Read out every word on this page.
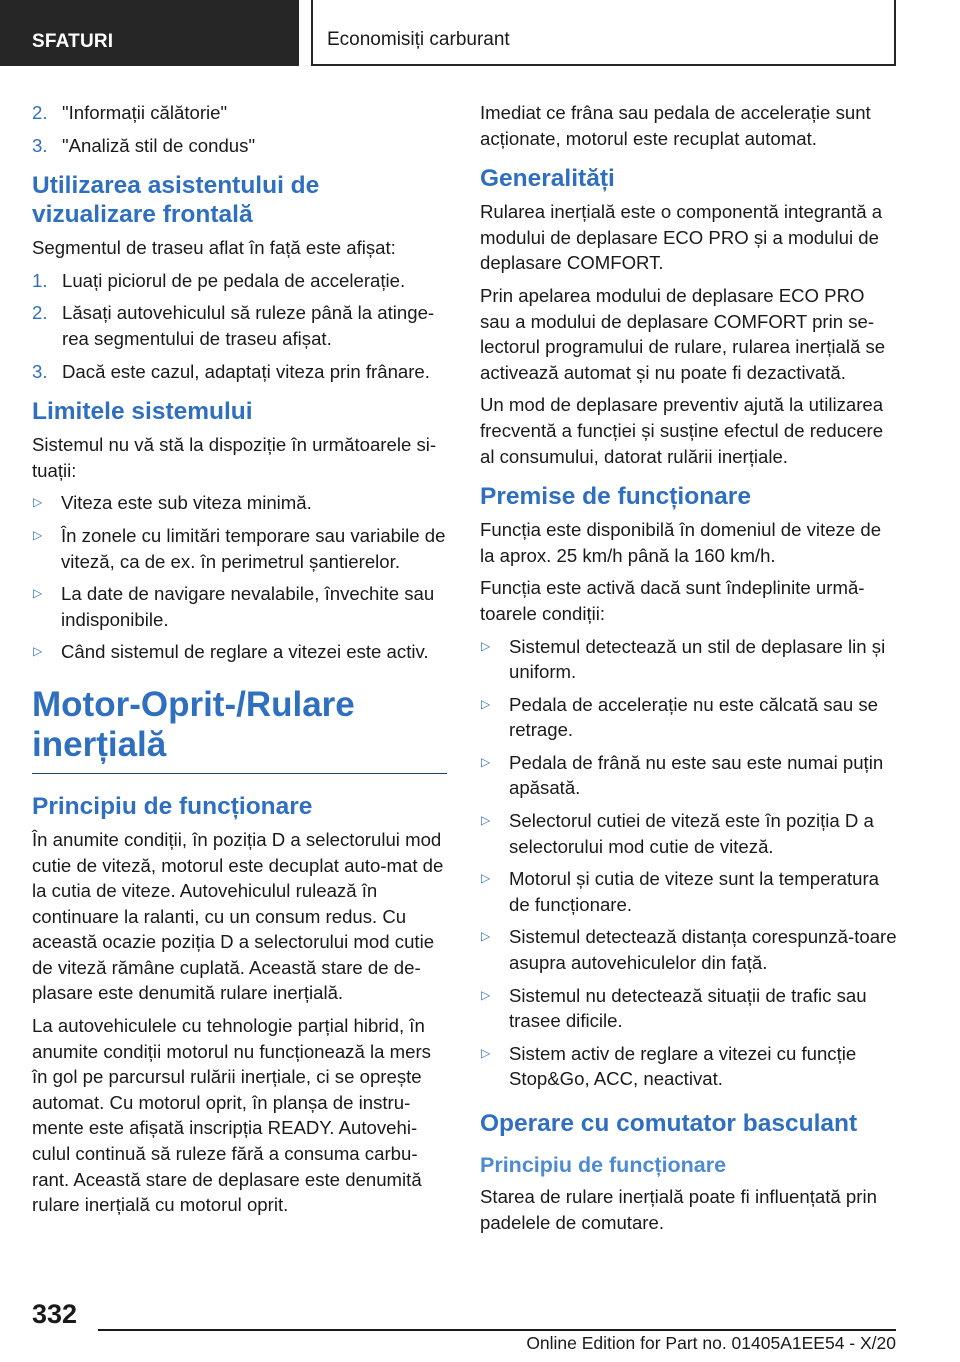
SFATURI	Economisiți carburant
2. "Informații călătorie"
3. "Analiză stil de condus"
Utilizarea asistentului de vizualizare frontală

Segmentul de traseu aflat în față este afișat:

1. Luați piciorul de pe pedala de accelerație.
2. Lăsați autovehiculul să ruleze până la atinge-rea segmentului de traseu afișat.
3. Dacă este cazul, adaptați viteza prin frânare.
Limitele sistemului

Sistemul nu vă stă la dispoziție în următoarele si-tuații:

▷ Viteza este sub viteza minimă.
▷ În zonele cu limitări temporare sau variabile de viteză, ca de ex. în perimetrul șantierelor.
▷ La date de navigare nevalabile, învechite sau indisponibile.
▷ Când sistemul de reglare a vitezei este activ.
Motor-Oprit-/Rulare inerțială
Principiu de funcționare

În anumite condiții, în poziția D a selectorului mod cutie de viteză, motorul este decuplat auto-mat de la cutia de viteze. Autovehiculul rulează în continuare la ralanti, cu un consum redus. Cu această ocazie poziția D a selectorului mod cutie de viteză rămâne cuplată. Această stare de de-plasare este denumită rulare inerțială.

La autovehiculele cu tehnologie parțial hibrid, în anumite condiții motorul nu funcționează la mers în gol pe parcursul rulării inerțiale, ci se oprește automat. Cu motorul oprit, în planșa de instru-mente este afișată inscripția READY. Autovehi-culul continuă să ruleze fără a consuma carbu-rant. Această stare de deplasare este denumită rulare inerțială cu motorul oprit.

Imediat ce frâna sau pedala de accelerație sunt acționate, motorul este recuplat automat.

Generalități

Rularea inerțială este o componentă integrantă a modului de deplasare ECO PRO și a modului de deplasare COMFORT.

Prin apelarea modului de deplasare ECO PRO sau a modului de deplasare COMFORT prin se-lectorul programului de rulare, rularea inerțială se activează automat și nu poate fi dezactivată.

Un mod de deplasare preventiv ajută la utilizarea frecventă a funcției și susține efectul de reducere al consumului, datorat rulării inerțiale.

Premise de funcționare

Funcția este disponibilă în domeniul de viteze de la aprox. 25 km/h până la 160 km/h.

Funcția este activă dacă sunt îndeplinite urmă-toarele condiții:

▷ Sistemul detectează un stil de deplasare lin și uniform.
▷ Pedala de accelerație nu este călcată sau se retrage.
▷ Pedala de frână nu este sau este numai puțin apăsată.
▷ Selectorul cutiei de viteză este în poziția D a selectorului mod cutie de viteză.
▷ Motorul și cutia de viteze sunt la temperatura de funcționare.
▷ Sistemul detectează distanța corespunză-toare asupra autovehiculelor din față.
▷ Sistemul nu detectează situații de trafic sau trasee dificile.
▷ Sistem activ de reglare a vitezei cu funcție Stop&Go, ACC, neactivat.
Operare cu comutator basculant
Principiu de funcționare

Starea de rulare inerțială poate fi influențată prin padelele de comutare.

332
Online Edition for Part no. 01405A1EE54 - X/20
